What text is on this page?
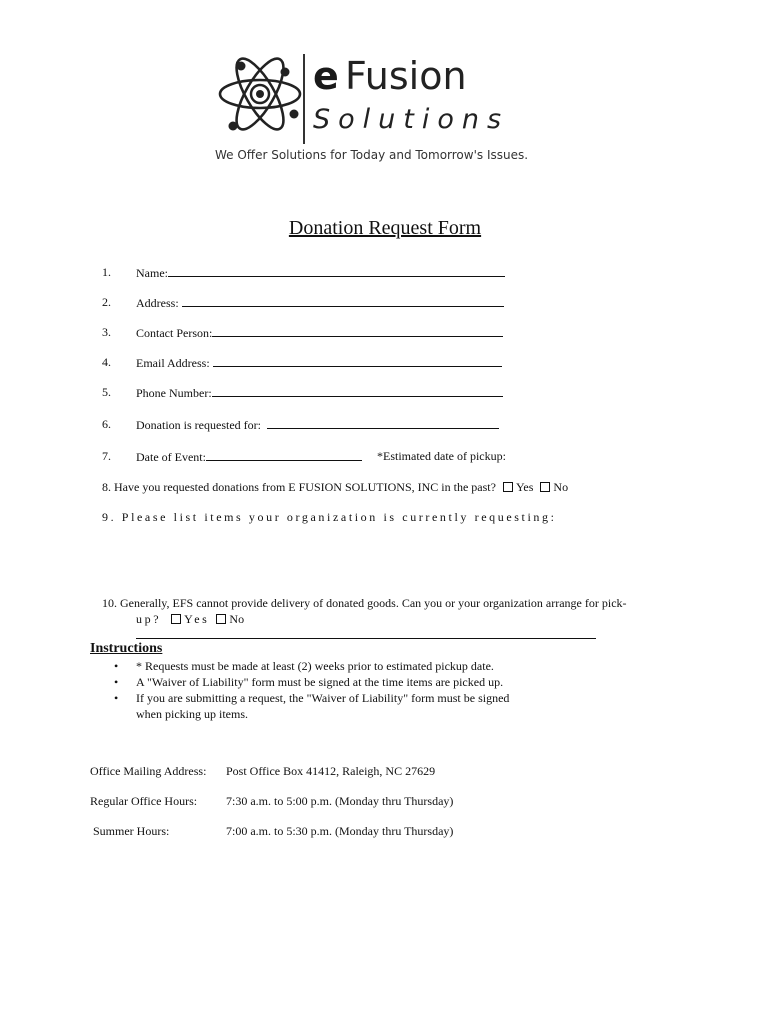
e Fusion
Solutions
We Offer Solutions for Today and Tomorrow's Issues.
Donation Request Form
1. Name:
2. Address:
3. Contact Person:
4. Email Address:
5. Phone Number:
6. Donation is requested for:
7. Date of Event:	*Estimated date of pickup:
8. Have you requested donations from E FUSION SOLUTIONS, INC in the past? Yes No
9. Please list items your organization is currently requesting:
10. Generally, EFS cannot provide delivery of donated goods. Can you or your organization arrange for pick-
up? Yes No
Instructions
• * Requests must be made at least (2) weeks prior to estimated pickup date.
• A "Waiver of Liability" form must be signed at the time items are picked up.
• If you are submitting a request, the "Waiver of Liability" form must be signed
when picking up items.
Office Mailing Address: Post Office Box 41412, Raleigh, NC 27629
Regular Office Hours: 7:30 a.m. to 5:00 p.m. (Monday thru Thursday)
Summer Hours:	7:00 a.m. to 5:30 p.m. (Monday thru Thursday)
